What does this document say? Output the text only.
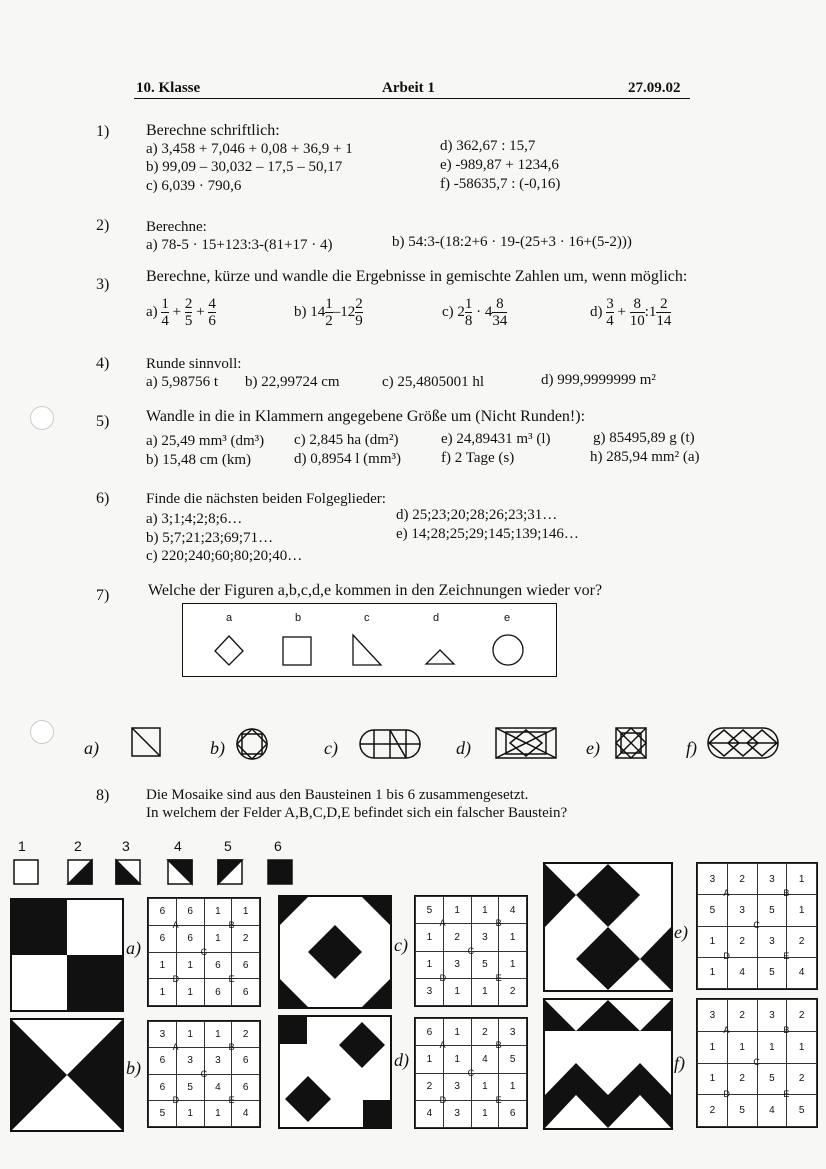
10. Klasse	Arbeit 1	27.09.02
1) Berechne schriftlich:
a) 3,458 + 7,046 + 0,08 + 36,9 + 1
b) 99,09 – 30,032 – 17,5 – 50,17
c) 6,039 · 790,6
d) 362,67 : 15,7
e) -989,87 + 1234,6
f) -58635,7 : (-0,16)
2) Berechne:
a) 78-5 · 15+123:3-(81+17 · 4)	b) 54:3-(18:2+6 · 19-(25+3 · 16+(5-2)))
3) Berechne, kürze und wandle die Ergebnisse in gemischte Zahlen um, wenn möglich:
$a) \frac{1}{4} + \frac{2}{5} + \frac{4}{6}$	b) $14 \frac{1}{2} -12 \frac{2}{9}$	c) $2 \frac{1}{8} \cdot 4 \frac{8}{34}$	$d) \frac{3}{4} + \frac{8}{10}$ :1 $\frac{2}{14}$
4) Runde sinnvoll:
a) 5,98756 t b) 22,99724 cm	c) 25,4805001 hl	d) 999,9999999 m²
5) Wandle in die in Klammern angegebene Größe um (Nicht Runden!):
a) 25,49 mm³ (dm³)
b) 15,48 cm (km)
c) 2,845 ha (dm²)
d) 0,8954 l (mm³)
e) 24,89431 m³ (l)
f) 2 Tage (s)
g) 85495,89 g (t)
h) 285,94 mm² (a)
6) Finde die nächsten beiden Folgeglieder:
a) 3;1;4;2;8;6…
b) 5;7;21;23;69;71…
c) 220;240;60;80;20;40…
d) 25;23;20;28;26;23;31…
e) 14;28;25;29;145;139;146…
7) Welche der Figuren a,b,c,d,e kommen in den Zeichnungen wieder vor?
a	b	c	d	e
a)	b)	c)	d)	e)	f)
8) Die Mosaike sind aus den Bausteinen 1 bis 6 zusammengesetzt.
In welchem der Felder A,B,C,D,E befindet sich ein falscher Baustein?
1	2	3	4	5	6
a)
b)
c)
d)
e)
f)
6	6	1	1
6	6	1	2
1	1	6	6
1	1	6	6
A	B
C
D	E
3	1	1	2
6	3	3	6
6	5	4	6
5	1	1	4
A	B
C
D	E
5	1	1	4
1	2	3	1
1	3	5	1
3	1	1	2
A	B
C
D	E
6	1	2	3
1	1	4	5
2	3	1	1
4	3	1	6
A	B
C
D	E
3	2	3	1
5	3	5	1
1	2	3	2
1	4	5	4
A	B
C
D	E
3	2	3	2
1	1	1	1
1	2	5	2
2	5	4	5
A	B
C
D	E
